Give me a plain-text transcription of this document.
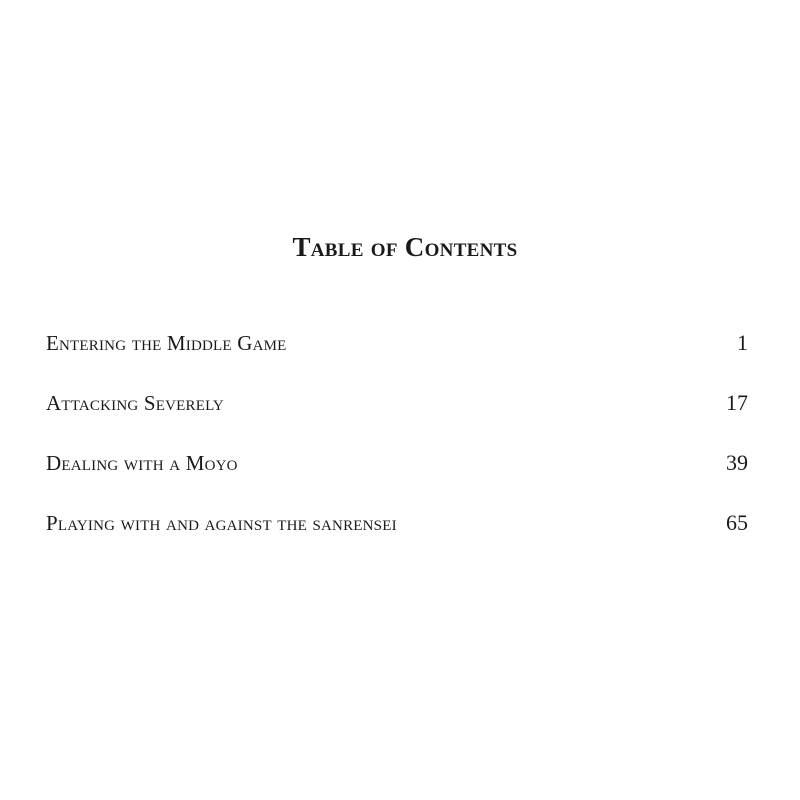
Table of Contents
Entering the Middle Game	1
Attacking Severely	17
Dealing with a Moyo	39
Playing with and against the sanrensei	65
